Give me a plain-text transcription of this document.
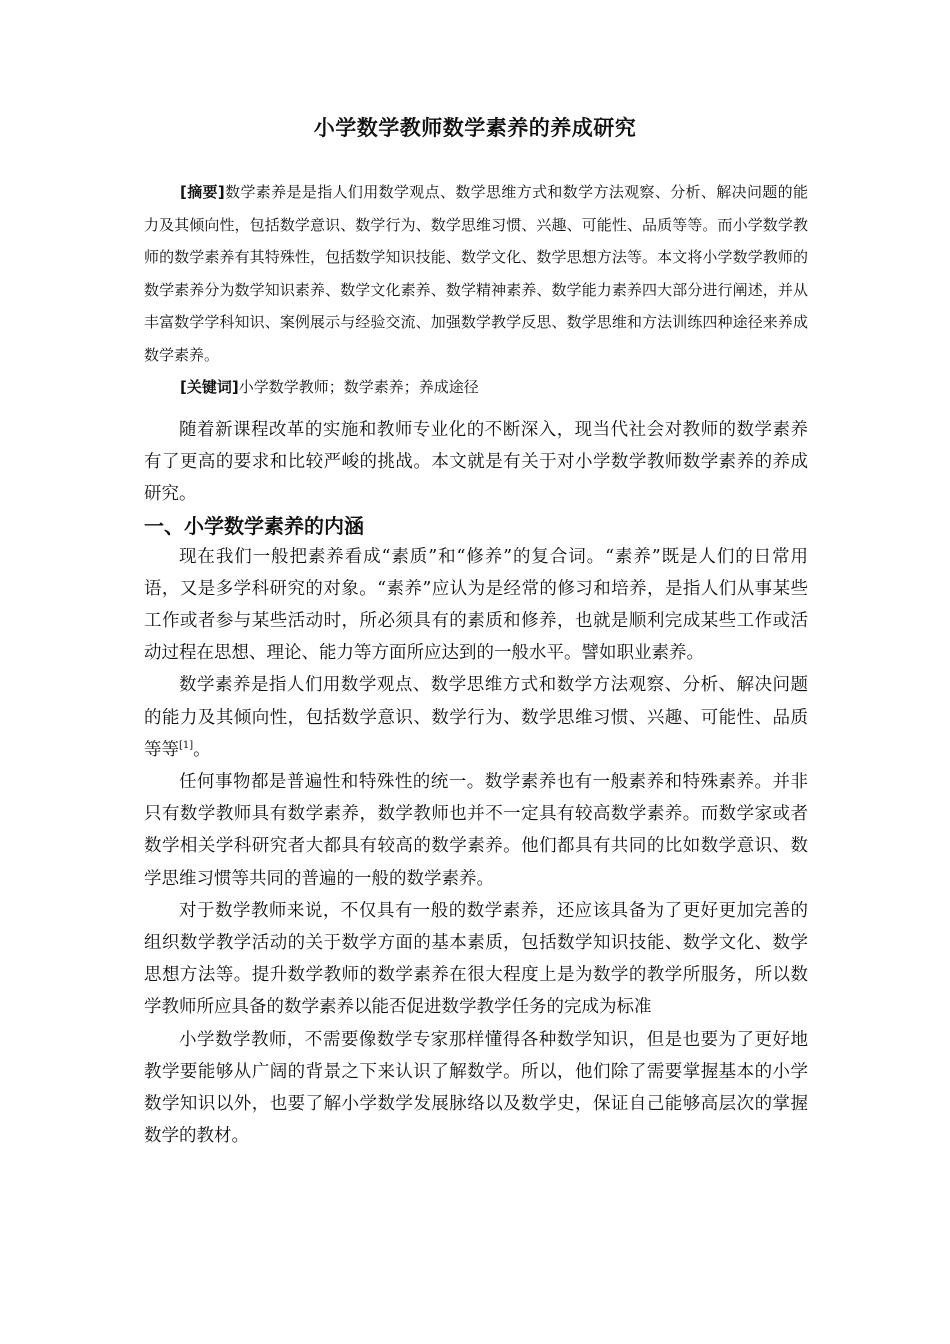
小学数学教师数学素养的养成研究

[摘要]数学素养是是指人们用数学观点、数学思维方式和数学方法观察、分析、解决问题的能力及其倾向性，包括数学意识、数学行为、数学思维习惯、兴趣、可能性、品质等等。而小学数学教师的数学素养有其特殊性，包括数学知识技能、数学文化、数学思想方法等。本文将小学数学教师的数学素养分为数学知识素养、数学文化素养、数学精神素养、数学能力素养四大部分进行阐述，并从丰富数学学科知识、案例展示与经验交流、加强数学教学反思、数学思维和方法训练四种途径来养成数学素养。

[关键词]小学数学教师；数学素养；养成途径

随着新课程改革的实施和教师专业化的不断深入，现当代社会对教师的数学素养有了更高的要求和比较严峻的挑战。本文就是有关于对小学数学教师数学素养的养成研究。

一、小学数学素养的内涵

现在我们一般把素养看成“素质”和“修养”的复合词。“素养”既是人们的日常用语，又是多学科研究的对象。“素养”应认为是经常的修习和培养，是指人们从事某些工作或者参与某些活动时，所必须具有的素质和修养，也就是顺利完成某些工作或活动过程在思想、理论、能力等方面所应达到的一般水平。譬如职业素养。

数学素养是指人们用数学观点、数学思维方式和数学方法观察、分析、解决问题的能力及其倾向性，包括数学意识、数学行为、数学思维习惯、兴趣、可能性、品质等等[1]。

任何事物都是普遍性和特殊性的统一。数学素养也有一般素养和特殊素养。并非只有数学教师具有数学素养，数学教师也并不一定具有较高数学素养。而数学家或者数学相关学科研究者大都具有较高的数学素养。他们都具有共同的比如数学意识、数学思维习惯等共同的普遍的一般的数学素养。

对于数学教师来说，不仅具有一般的数学素养，还应该具备为了更好更加完善的组织数学教学活动的关于数学方面的基本素质，包括数学知识技能、数学文化、数学思想方法等。提升数学教师的数学素养在很大程度上是为数学的教学所服务，所以数学教师所应具备的数学素养以能否促进数学教学任务的完成为标准

小学数学教师，不需要像数学专家那样懂得各种数学知识，但是也要为了更好地教学要能够从广阔的背景之下来认识了解数学。所以，他们除了需要掌握基本的小学数学知识以外，也要了解小学数学发展脉络以及数学史，保证自己能够高层次的掌握数学的教材。
